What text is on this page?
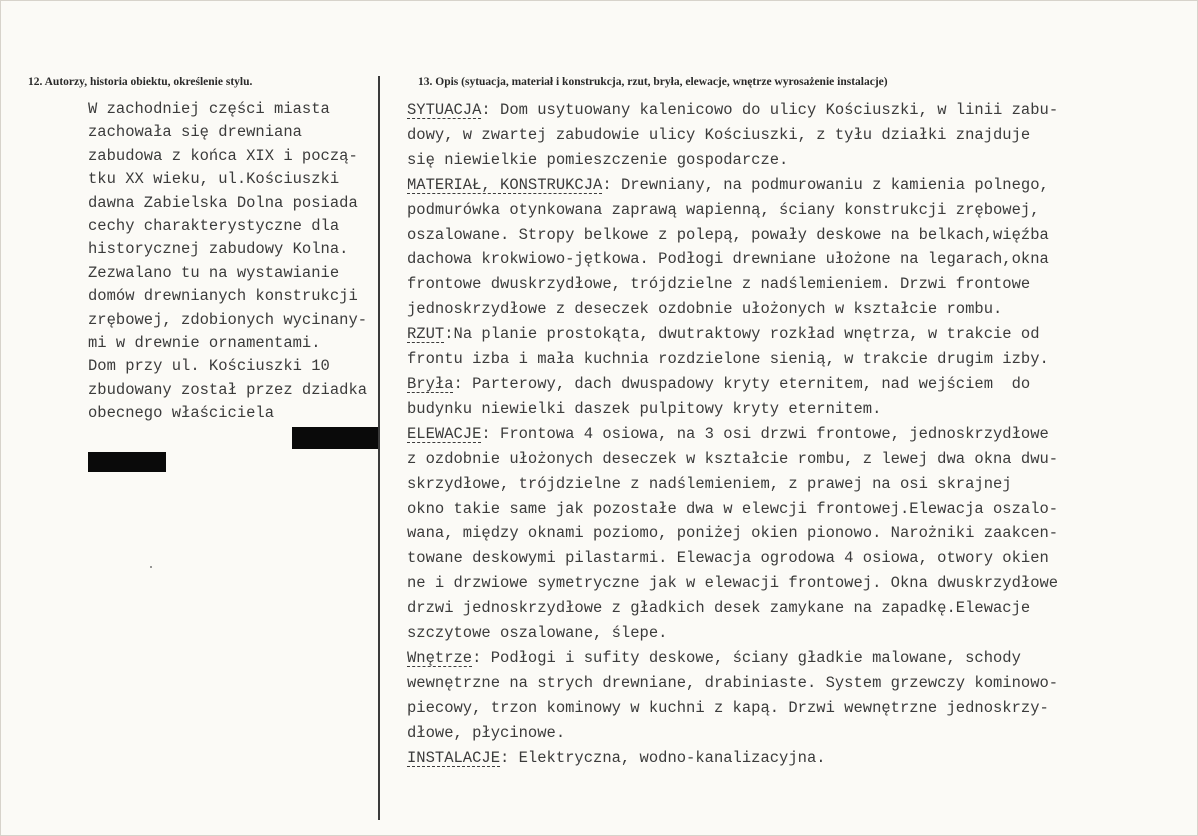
12. Autorzy, historia obiektu, określenie stylu.	13. Opis (sytuacja, materiał i konstrukcja, rzut, bryła, elewacje, wnętrze wyrosażenie instalacje)
W zachodniej części miasta
zachowała się drewniana
zabudowa z końca XIX i począ-
tku XX wieku, ul.Kościuszki
dawna Zabielska Dolna posiada
cechy charakterystyczne dla
historycznej zabudowy Kolna.
Zezwalano tu na wystawianie
domów drewnianych konstrukcji
zrębowej, zdobionych wycinany-
mi w drewnie ornamentami.
Dom przy ul. Kościuszki 10
zbudowany został przez dziadka
obecnego właściciela
SYTUACJA: Dom usytuowany kalenicowo do ulicy Kościuszki, w linii zabu-
dowy, w zwartej zabudowie ulicy Kościuszki, z tyłu działki znajduje
się niewielkie pomieszczenie gospodarcze.
MATERIAŁ, KONSTRUKCJA: Drewniany, na podmurowaniu z kamienia polnego,
podmurówka otynkowana zaprawą wapienną, ściany konstrukcji zrębowej,
oszalowane. Stropy belkowe z polepą, powały deskowe na belkach,więźba
dachowa krokwiowo-jętkowa. Podłogi drewniane ułożone na legarach,okna
frontowe dwuskrzydłowe, trójdzielne z nadślemieniem. Drzwi frontowe
jednoskrzydłowe z deseczek ozdobnie ułożonych w kształcie rombu.
RZUT:Na planie prostokąta, dwutraktowy rozkład wnętrza, w trakcie od
frontu izba i mała kuchnia rozdzielone sienią, w trakcie drugim izby.
Bryła: Parterowy, dach dwuspadowy kryty eternitem, nad wejściem  do
budynku niewielki daszek pulpitowy kryty eternitem.
ELEWACJE: Frontowa 4 osiowa, na 3 osi drzwi frontowe, jednoskrzydłowe
z ozdobnie ułożonych deseczek w kształcie rombu, z lewej dwa okna dwu-
skrzydłowe, trójdzielne z nadślemieniem, z prawej na osi skrajnej
okno takie same jak pozostałe dwa w elewcji frontowej.Elewacja oszalo-
wana, między oknami poziomo, poniżej okien pionowo. Narożniki zaakcen-
towane deskowymi pilastarmi. Elewacja ogrodowa 4 osiowa, otwory okien
ne i drzwiowe symetryczne jak w elewacji frontowej. Okna dwuskrzydłowe
drzwi jednoskrzydłowe z gładkich desek zamykane na zapadkę.Elewacje
szczytowe oszalowane, ślepe.
Wnętrze: Podłogi i sufity deskowe, ściany gładkie malowane, schody
wewnętrzne na strych drewniane, drabiniaste. System grzewczy kominowo-
piecowy, trzon kominowy w kuchni z kapą. Drzwi wewnętrzne jednoskrzy-
dłowe, płycinowe.
INSTALACJE: Elektryczna, wodno-kanalizacyjna.
